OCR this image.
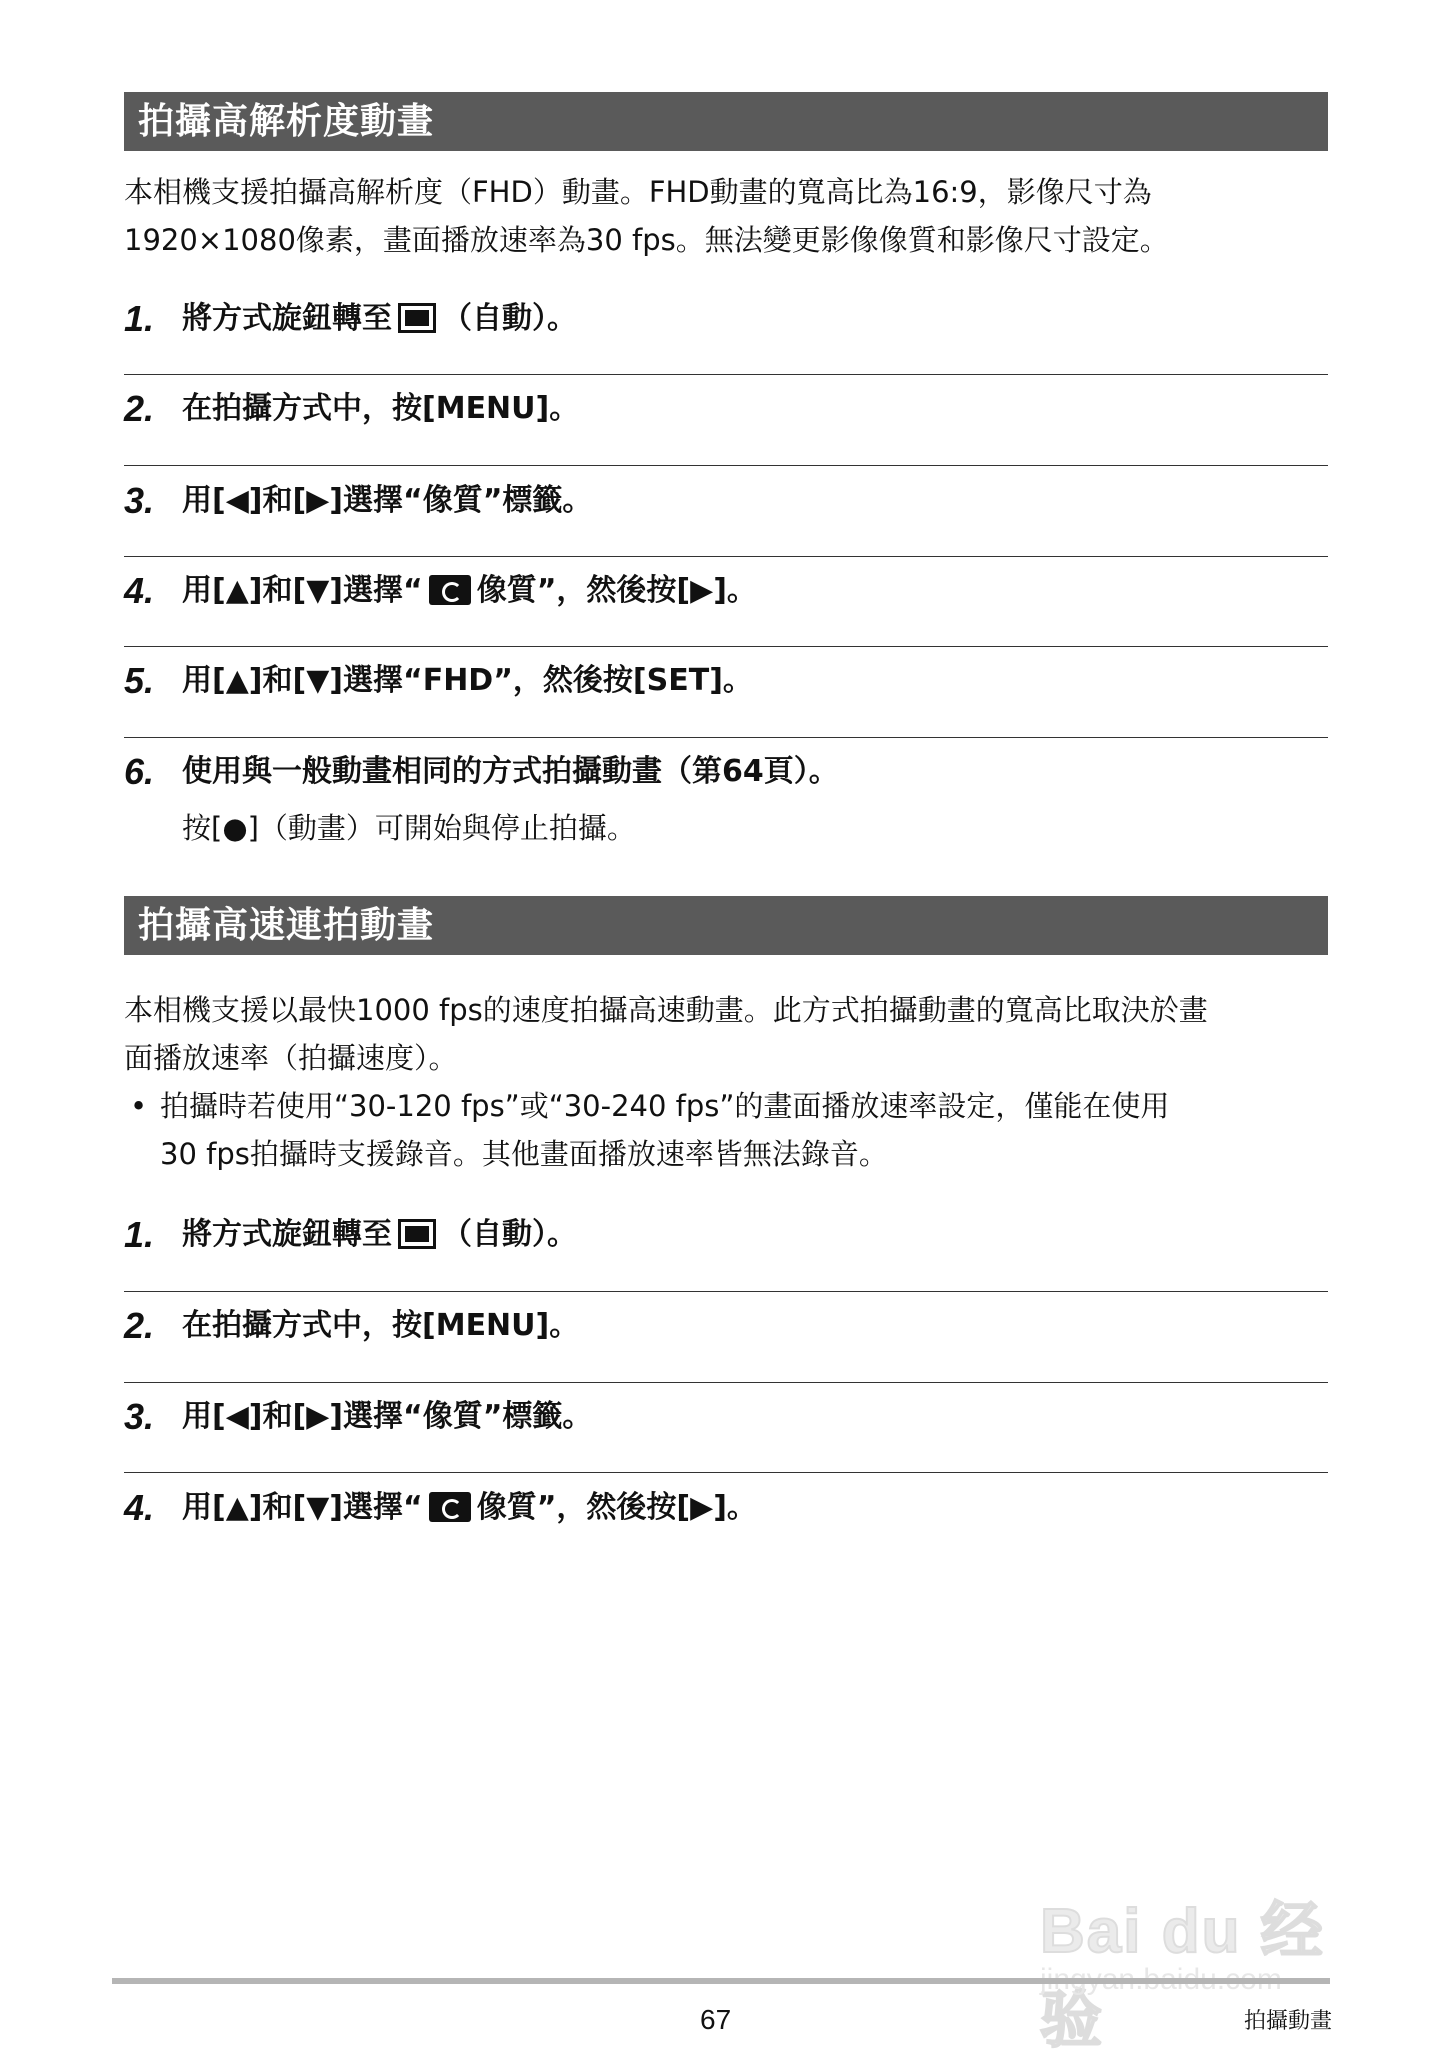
拍攝高解析度動畫
本相機支援拍攝高解析度（FHD）動畫。FHD動畫的寬高比為16:9，影像尺寸為
1920×1080像素，畫面播放速率為30 fps。無法變更影像像質和影像尺寸設定。
1. 將方式旋鈕轉至 （自動）。
2. 在拍攝方式中，按[MENU]。
3. 用[◀]和[▶]選擇“像質”標籤。
4. 用[▲]和[▼]選擇“ 像質”，然後按[▶]。
5. 用[▲]和[▼]選擇“FHD”，然後按[SET]。
6. 使用與一般動畫相同的方式拍攝動畫（第64頁）。
按[●]（動畫）可開始與停止拍攝。
拍攝高速連拍動畫
本相機支援以最快1000 fps的速度拍攝高速動畫。此方式拍攝動畫的寬高比取決於畫
面播放速率（拍攝速度）。
• 拍攝時若使用“30-120 fps”或“30-240 fps”的畫面播放速率設定，僅能在使用
30 fps拍攝時支援錄音。其他畫面播放速率皆無法錄音。
1. 將方式旋鈕轉至 （自動）。
2. 在拍攝方式中，按[MENU]。
3. 用[◀]和[▶]選擇“像質”標籤。
4. 用[▲]和[▼]選擇“ 像質”，然後按[▶]。
Bai du 经验
67	拍攝動畫
